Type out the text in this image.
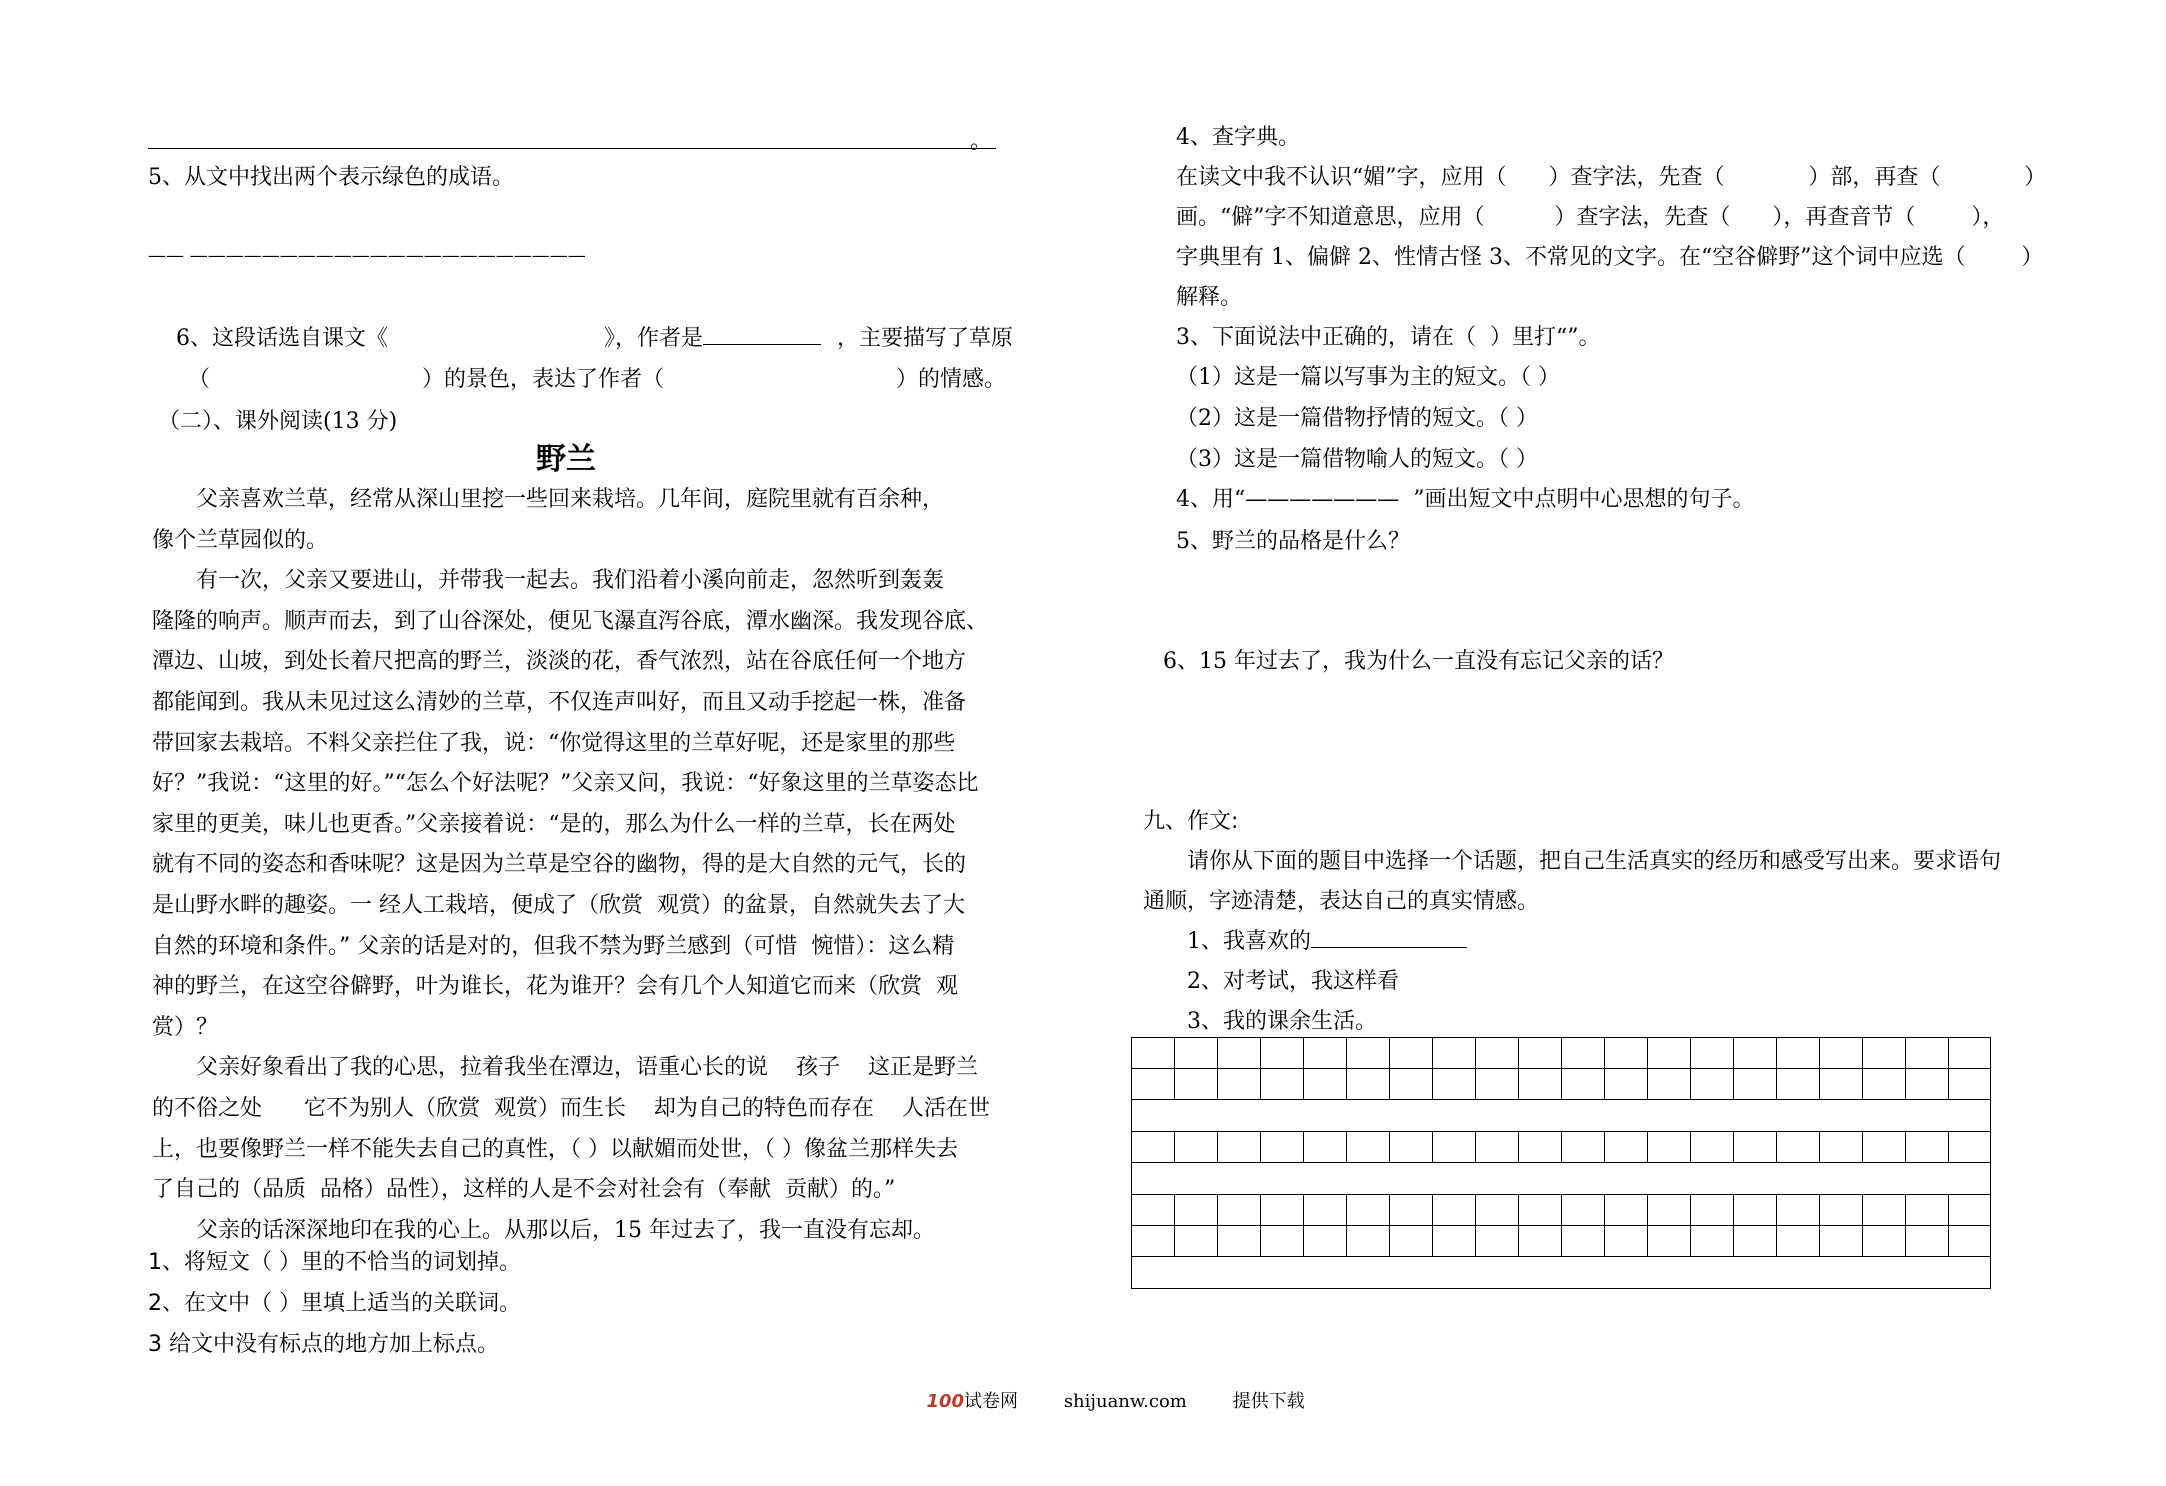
。
5、从文中找出两个表示绿色的成语。
—— ——————————————————————

6、这段话选自课文《	》，作者是	，主要描写了草原

（	）的景色，表达了作者（	）的情感。

（二）、课外阅读(13 分)
野兰
　　父亲喜欢兰草，经常从深山里挖一些回来栽培。几年间，庭院里就有百余种，
像个兰草园似的。
　　有一次，父亲又要进山，并带我一起去。我们沿着小溪向前走，忽然听到轰轰
隆隆的响声。顺声而去，到了山谷深处，便见飞瀑直泻谷底，潭水幽深。我发现谷底、
潭边、山坡，到处长着尺把高的野兰，淡淡的花，香气浓烈，站在谷底任何一个地方
都能闻到。我从未见过这么清妙的兰草，不仅连声叫好，而且又动手挖起一株，准备
带回家去栽培。不料父亲拦住了我，说：“你觉得这里的兰草好呢，还是家里的那些
好？”我说：“这里的好。”“怎么个好法呢？”父亲又问，我说：“好象这里的兰草姿态比
家里的更美，味儿也更香。”父亲接着说：“是的，那么为什么一样的兰草，长在两处
就有不同的姿态和香味呢？这是因为兰草是空谷的幽物，得的是大自然的元气，长的
是山野水畔的趣姿。一 经人工栽培，便成了（欣赏  观赏）的盆景，自然就失去了大
自然的环境和条件。” 父亲的话是对的，但我不禁为野兰感到（可惜  惋惜）：这么精
神的野兰，在这空谷僻野，叶为谁长，花为谁开？会有几个人知道它而来（欣赏  观
赏）？
　　父亲好象看出了我的心思，拉着我坐在潭边，语重心长的说    孩子    这正是野兰
的不俗之处      它不为别人（欣赏  观赏）而生长    却为自己的特色而存在    人活在世
上，也要像野兰一样不能失去自己的真性，（ ）以献媚而处世，（ ）像盆兰那样失去
了自己的（品质  品格）品性），这样的人是不会对社会有（奉献  贡献）的。”
　　父亲的话深深地印在我的心上。从那以后，15 年过去了，我一直没有忘却。
1、将短文（ ）里的不恰当的词划掉。
2、在文中（ ）里填上适当的关联词。
3 给文中没有标点的地方加上标点。
4、查字典。
在读文中我不认识“媚”字，应用（      ）查字法，先查（            ）部，再查（            ）
画。“僻”字不知道意思，应用（          ）查字法，先查（      ），再查音节（        ），
字典里有 1、偏僻 2、性情古怪 3、不常见的文字。在“空谷僻野”这个词中应选（        ）
解释。
3、下面说法中正确的，请在（  ）里打“”。
（1）这是一篇以写事为主的短文。（ ）
（2）这是一篇借物抒情的短文。（ ）
（3）这是一篇借物喻人的短文。（ ）
4、用“———————  ”画出短文中点明中心思想的句子。
5、野兰的品格是什么？
6、15 年过去了，我为什么一直没有忘记父亲的话？
九、作文:
　　请你从下面的题目中选择一个话题，把自己生活真实的经历和感受写出来。要求语句
通顺，字迹清楚，表达自己的真实情感。
　　1、我喜欢的
　　2、对考试，我这样看
　　3、我的课余生活。

100试卷网	shijuanw.com	提供下载
